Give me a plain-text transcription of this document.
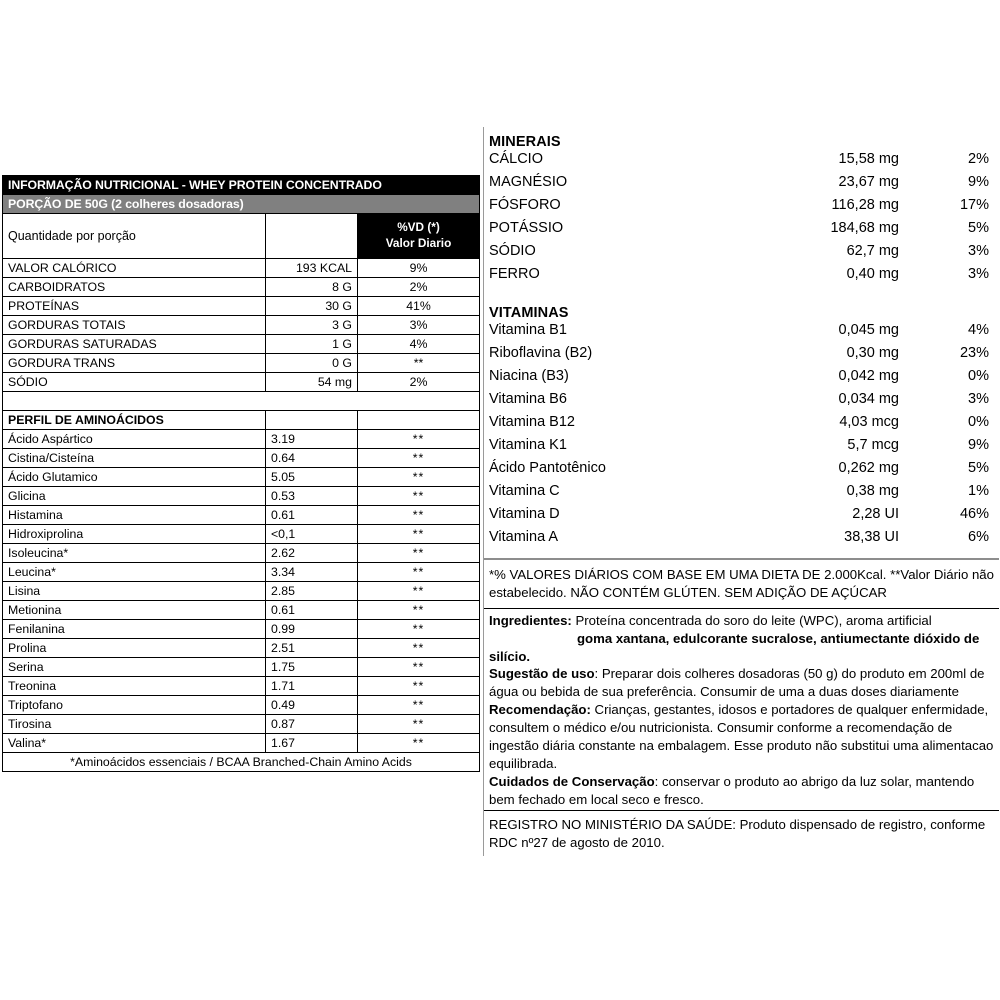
INFORMAÇÃO NUTRICIONAL - WHEY PROTEIN CONCENTRADO		
PORÇÃO DE 50G (2 colheres dosadoras)		
Quantidade por porção		%VD (*)
Valor Diario

VALOR CALÓRICO	193 KCAL	9%
CARBOIDRATOS	8 G	2%
PROTEÍNAS	30 G	41%
GORDURAS TOTAIS	3 G	3%
GORDURAS SATURADAS	1 G	4%
GORDURA TRANS	0 G	**
SÓDIO	54 mg	2%

PERFIL DE AMINOÁCIDOS		
Ácido Aspártico	3.19	**
Cistina/Cisteína	0.64	**
Ácido Glutamico	5.05	**
Glicina	0.53	**
Histamina	0.61	**
Hidroxiprolina	<0,1	**
Isoleucina*	2.62	**
Leucina*	3.34	**
Lisina	2.85	**
Metionina	0.61	**
Fenilanina	0.99	**
Prolina	2.51	**
Serina	1.75	**
Treonina	1.71	**
Triptofano	0.49	**
Tirosina	0.87	**
Valina*	1.67	**
*Aminoácidos essenciais / BCAA Branched-Chain Amino Acids		
MINERAIS
CÁLCIO	15,58 mg	2%
MAGNÉSIO	23,67 mg	9%
FÓSFORO	116,28 mg	17%
POTÁSSIO	184,68 mg	5%
SÓDIO	62,7 mg	3%
FERRO	0,40 mg	3%
VITAMINAS
Vitamina B1	0,045 mg	4%
Riboflavina (B2)	0,30 mg	23%
Niacina (B3)	0,042 mg	0%
Vitamina B6	0,034 mg	3%
Vitamina B12	4,03 mcg	0%
Vitamina K1	5,7 mcg	9%
Ácido Pantotênico	0,262 mg	5%
Vitamina C	0,38 mg	1%
Vitamina D	2,28 UI	46%
Vitamina A	38,38 UI	6%
*% VALORES DIÁRIOS COM BASE EM UMA DIETA DE 2.000Kcal. **Valor Diário não estabelecido. NÃO CONTÉM GLÚTEN. SEM ADIÇÃO DE AÇÚCAR

Ingredientes: Proteína concentrada do soro do leite (WPC), aroma artificial

goma xantana, edulcorante sucralose, antiumectante dióxido de

silício.

Sugestão de uso: Preparar dois colheres dosadoras (50 g) do produto em 200ml de água ou bebida de sua preferência. Consumir de uma a duas doses diariamente

Recomendação: Crianças, gestantes, idosos e portadores de qualquer enfermidade, consultem o médico e/ou nutricionista. Consumir conforme a recomendação de ingestão diária constante na embalagem. Esse produto não substitui uma alimentacao equilibrada.

Cuidados de Conservação: conservar o produto ao abrigo da luz solar, mantendo bem fechado em local seco e fresco.

REGISTRO NO MINISTÉRIO DA SAÚDE: Produto dispensado de registro, conforme RDC nº27 de agosto de 2010.
